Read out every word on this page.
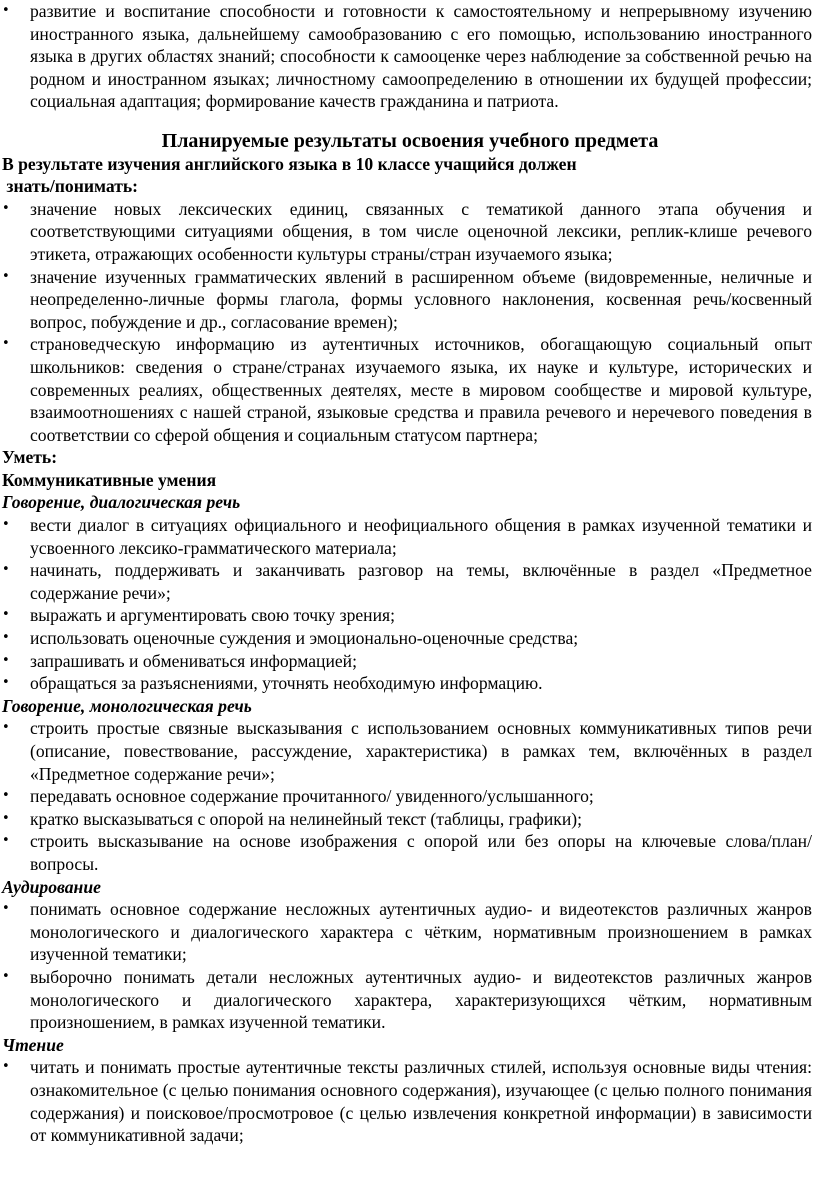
• развитие и воспитание способности и готовности к самостоятельному и непрерывному изучению иностранного языка, дальнейшему самообразованию с его помощью, использованию иностранного языка в других областях знаний; способности к самооценке через наблюдение за собственной речью на родном и иностранном языках; личностному самоопределению в отношении их будущей профессии; социальная адаптация; формирование качеств гражданина и патриота.

Планируемые результаты освоения учебного предмета

В результате изучения английского языка в 10 классе учащийся должен

знать/понимать:

• значение новых лексических единиц, связанных с тематикой данного этапа обучения и соответствующими ситуациями общения, в том числе оценочной лексики, реплик-клише речевого этикета, отражающих особенности культуры страны/стран изучаемого языка;

• значение изученных грамматических явлений в расширенном объеме (видовременные, неличные и неопределенно-личные формы глагола, формы условного наклонения, косвенная речь/косвенный вопрос, побуждение и др., согласование времен);

• страноведческую информацию из аутентичных источников, обогащающую социальный опыт школьников: сведения о стране/странах изучаемого языка, их науке и культуре, исторических и современных реалиях, общественных деятелях, месте в мировом сообществе и мировой культуре, взаимоотношениях с нашей страной, языковые средства и правила речевого и неречевого поведения в соответствии со сферой общения и социальным статусом партнера;

Уметь:

Коммуникативные умения

Говорение, диалогическая речь

• вести диалог в ситуациях официального и неофициального общения в рамках изученной тематики и усвоенного лексико-грамматического материала;

• начинать, поддерживать и заканчивать разговор на темы, включённые в раздел «Предметное содержание речи»;

• выражать и аргументировать свою точку зрения;

• использовать оценочные суждения и эмоционально-оценочные средства;

• запрашивать и обмениваться информацией;

• обращаться за разъяснениями, уточнять необходимую информацию.

Говорение, монологическая речь

• строить простые связные высказывания с использованием основных коммуникативных типов речи (описание, повествование, рассуждение, характеристика) в рамках тем, включённых в раздел «Предметное содержание речи»;

• передавать основное содержание прочитанного/ увиденного/услышанного;

• кратко высказываться с опорой на нелинейный текст (таблицы, графики);

• строить высказывание на основе изображения с опорой или без опоры на ключевые слова/план/вопросы.

Аудирование

• понимать основное содержание несложных аутентичных аудио- и видеотекстов различных жанров монологического и диалогического характера с чётким, нормативным произношением в рамках изученной тематики;

• выборочно понимать детали несложных аутентичных аудио- и видеотекстов различных жанров монологического и диалогического характера, характеризующихся чётким, нормативным произношением, в рамках изученной тематики.

Чтение

• читать и понимать простые аутентичные тексты различных стилей, используя основные виды чтения: ознакомительное (с целью понимания основного содержания), изучающее (с целью полного понимания содержания) и поисковое/просмотровое (с целью извлечения конкретной информации) в зависимости от коммуникативной задачи;
